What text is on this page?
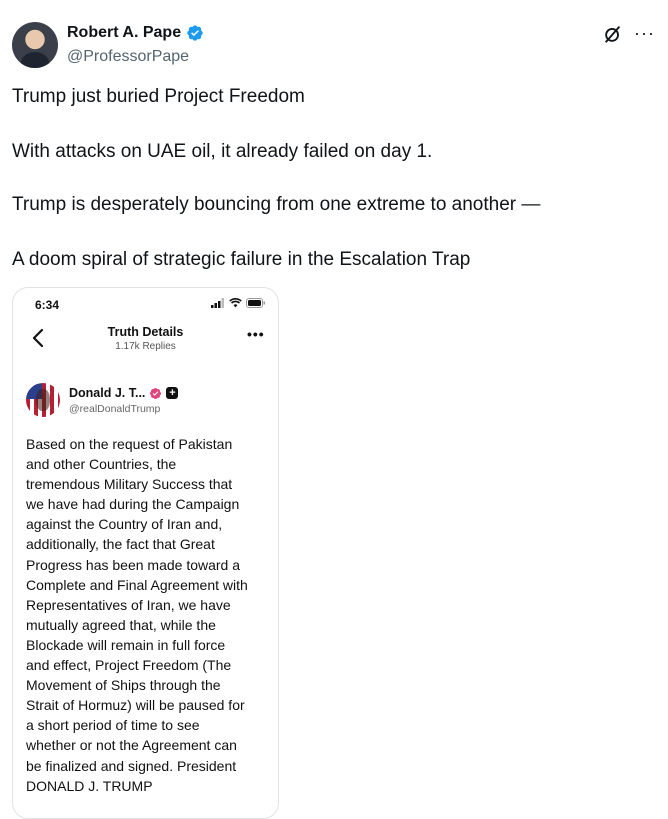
Robert A. Pape
@ProfessorPape
···
Trump just buried Project Freedom
With attacks on UAE oil, it already failed on day 1.
Trump is desperately bouncing from one extreme to another —
A doom spiral of strategic failure in the Escalation Trap
6:34
Truth Details
1.17k Replies
•••
Donald J. T... +
@realDonaldTrump
Based on the request of Pakistan
and other Countries, the
tremendous Military Success that
we have had during the Campaign
against the Country of Iran and,
additionally, the fact that Great
Progress has been made toward a
Complete and Final Agreement with
Representatives of Iran, we have
mutually agreed that, while the
Blockade will remain in full force
and effect, Project Freedom (The
Movement of Ships through the
Strait of Hormuz) will be paused for
a short period of time to see
whether or not the Agreement can
be finalized and signed. President
DONALD J. TRUMP
